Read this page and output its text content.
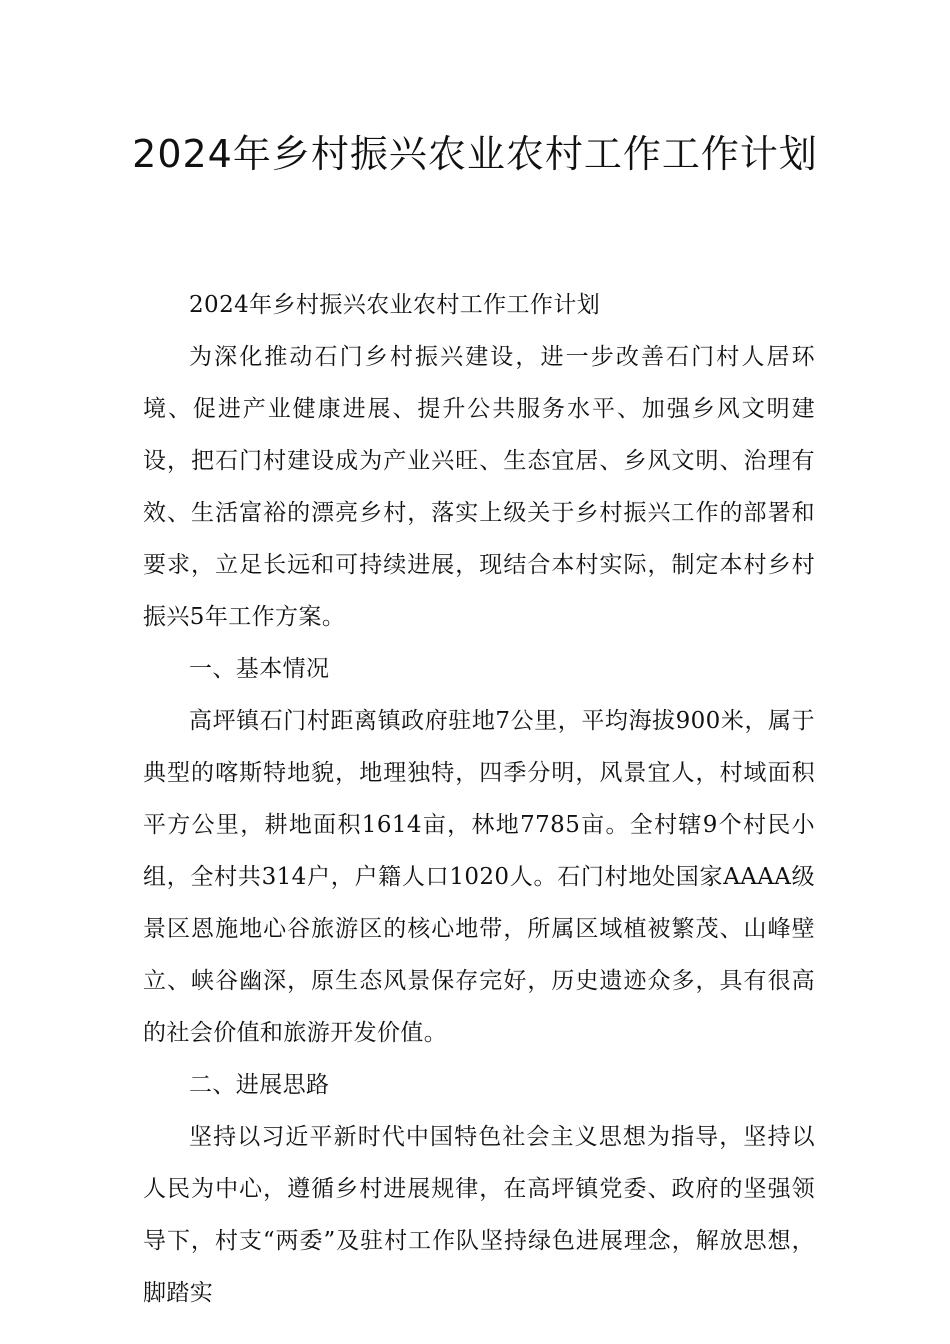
2024年乡村振兴农业农村工作工作计划

2024年乡村振兴农业农村工作工作计划

为深化推动石门乡村振兴建设，进一步改善石门村人居环境、促进产业健康进展、提升公共服务水平、加强乡风文明建设，把石门村建设成为产业兴旺、生态宜居、乡风文明、治理有效、生活富裕的漂亮乡村，落实上级关于乡村振兴工作的部署和要求，立足长远和可持续进展，现结合本村实际，制定本村乡村振兴5年工作方案。

一、基本情况

高坪镇石门村距离镇政府驻地7公里，平均海拔900米，属于典型的喀斯特地貌，地理独特，四季分明，风景宜人，村域面积平方公里，耕地面积1614亩，林地7785亩。全村辖9个村民小组，全村共314户，户籍人口1020人。石门村地处国家AAAA级景区恩施地心谷旅游区的核心地带，所属区域植被繁茂、山峰壁立、峡谷幽深，原生态风景保存完好，历史遗迹众多，具有很高的社会价值和旅游开发价值。

二、进展思路

坚持以习近平新时代中国特色社会主义思想为指导，坚持以人民为中心，遵循乡村进展规律，在高坪镇党委、政府的坚强领导下，村支“两委”及驻村工作队坚持绿色进展理念，解放思想，脚踏实
